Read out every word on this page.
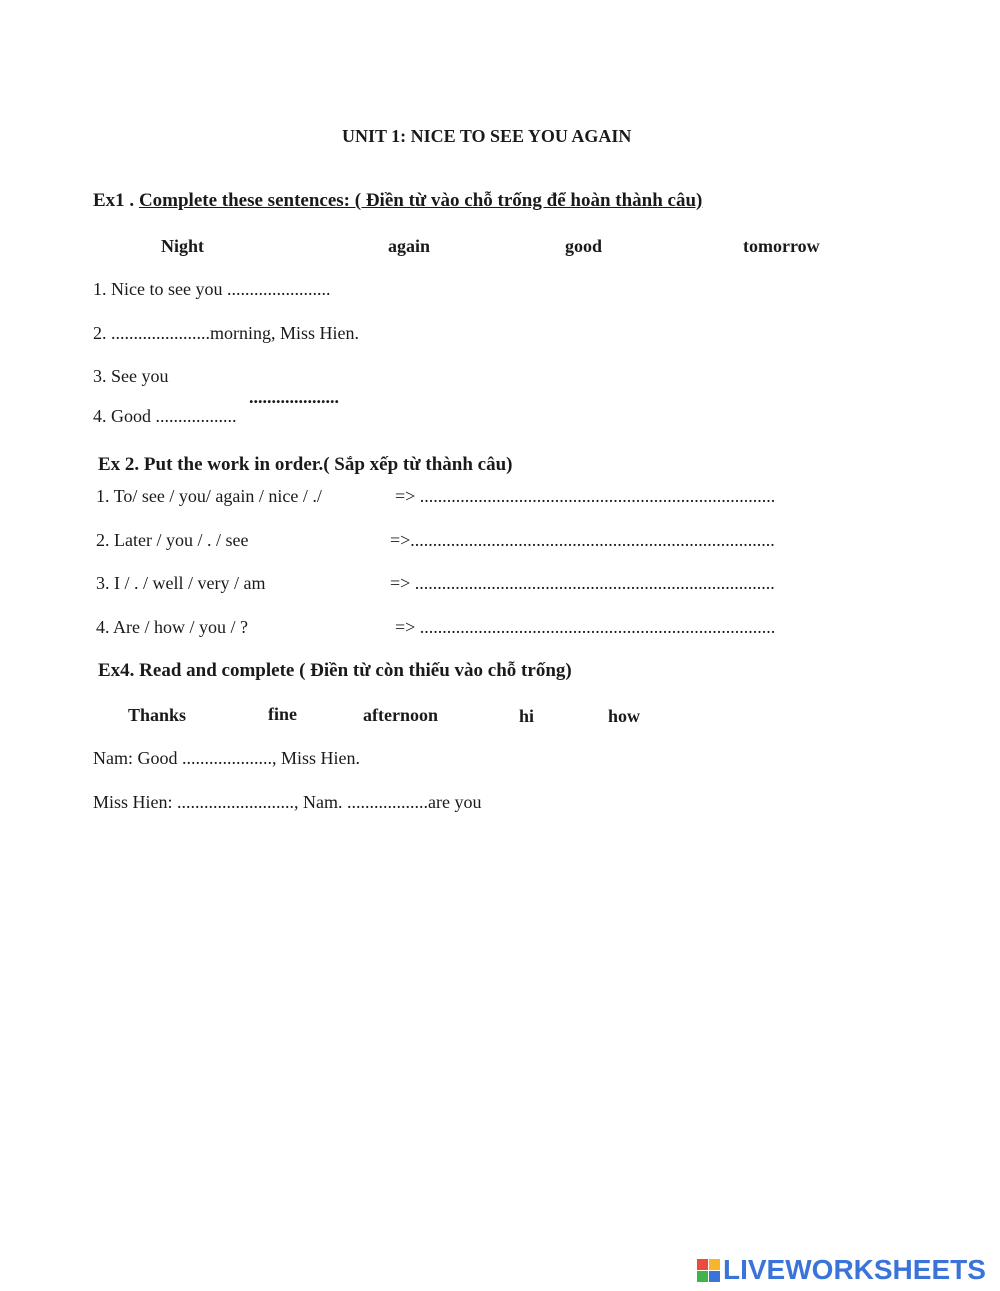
UNIT 1: NICE TO SEE YOU AGAIN
Ex1 . Complete these sentences: ( Điền từ vào chỗ trống để hoàn thành câu)
Night	again	good	tomorrow
1. Nice to see you .......................
2. ......................morning, Miss Hien.
3. See you
....................
4. Good ..................
Ex 2. Put the work in order.( Sắp xếp từ thành câu)
1. To/ see / you/ again / nice / ./	=> ...............................................................................
2. Later / you / . / see	=>.................................................................................
3. I / . / well / very / am	=> ................................................................................
4. Are / how / you / ?	=> ...............................................................................
Ex4. Read and complete ( Điền từ còn thiếu vào chỗ trống)
Thanks	fine	afternoon	hi	how
Nam: Good ...................., Miss Hien.
Miss Hien: .........................., Nam. ..................are you
LIVEWORKSHEETS
